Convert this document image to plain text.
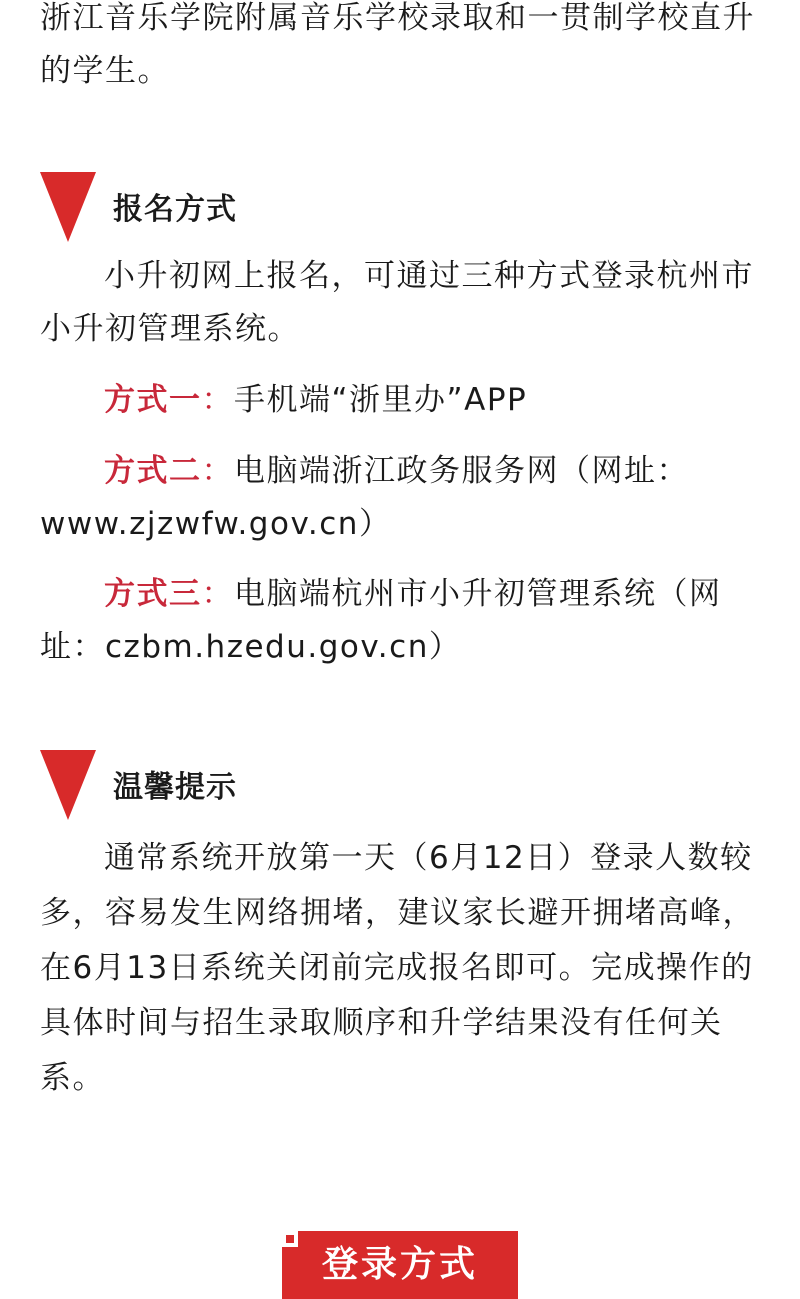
浙江音乐学院附属音乐学校录取和一贯制学校直升
的学生。
报名方式
小升初网上报名，可通过三种方式登录杭州市小升初管理系统。
方式一：手机端“浙里办”APP
方式二：电脑端浙江政务服务网（网址：www.zjzwfw.gov.cn）
方式三：电脑端杭州市小升初管理系统（网址：czbm.hzedu.gov.cn）
温馨提示
通常系统开放第一天（6月12日）登录人数较多，容易发生网络拥堵，建议家长避开拥堵高峰，在6月13日系统关闭前完成报名即可。完成操作的具体时间与招生录取顺序和升学结果没有任何关系。
登录方式
